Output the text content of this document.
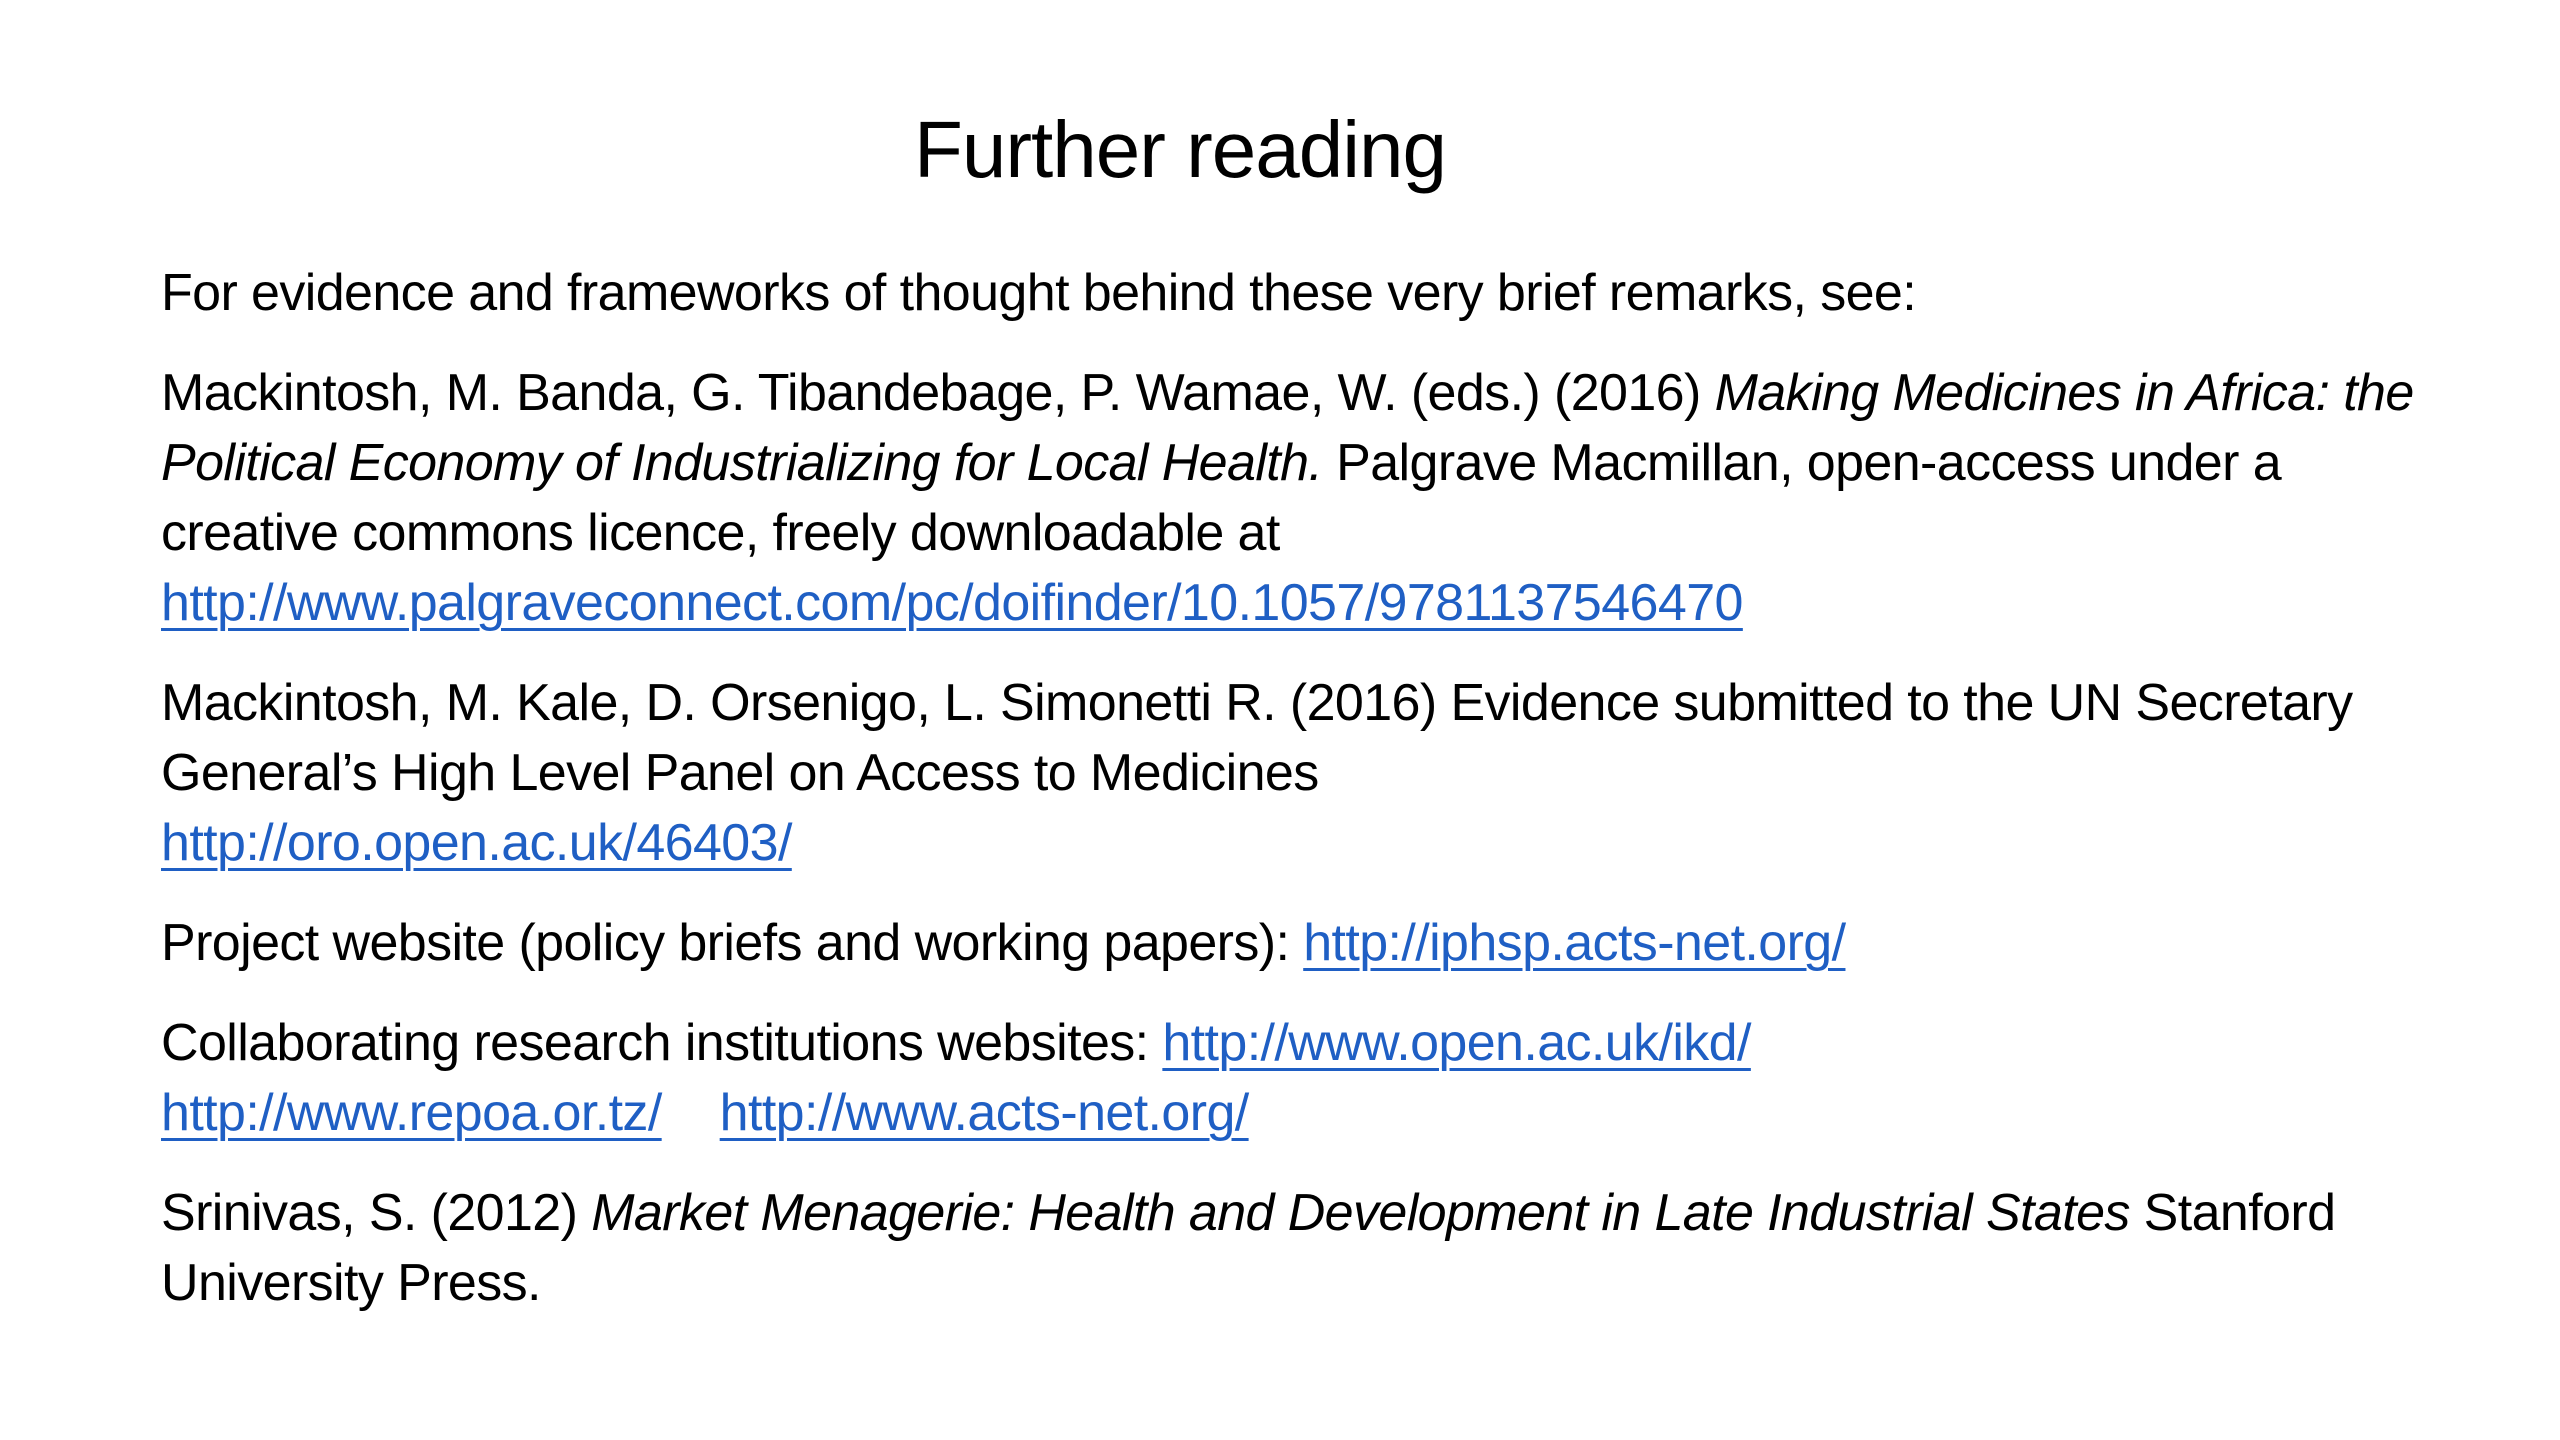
Further reading
For evidence and frameworks of thought behind these very brief remarks, see:
Mackintosh, M. Banda, G. Tibandebage, P. Wamae, W. (eds.) (2016) Making Medicines in Africa: the Political Economy of Industrializing for Local Health. Palgrave Macmillan, open-access under a creative commons licence, freely downloadable at
http://www.palgraveconnect.com/pc/doifinder/10.1057/9781137546470
Mackintosh, M. Kale, D. Orsenigo, L. Simonetti R. (2016) Evidence submitted to the UN Secretary General’s High Level Panel on Access to Medicines
http://oro.open.ac.uk/46403/
Project website (policy briefs and working papers): http://iphsp.acts-net.org/
Collaborating research institutions websites: http://www.open.ac.uk/ikd/
http://www.repoa.or.tz/ http://www.acts-net.org/
Srinivas, S. (2012) Market Menagerie: Health and Development in Late Industrial States Stanford University Press.
